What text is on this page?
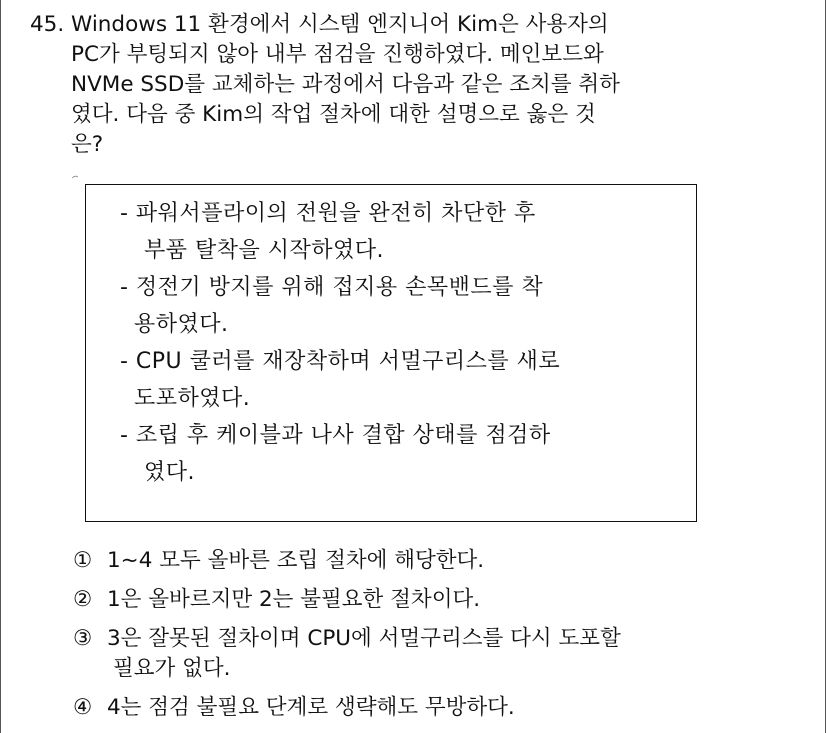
45. Windows 11 환경에서 시스템 엔지니어 Kim은 사용자의
PC가 부팅되지 않아 내부 점검을 진행하였다. 메인보드와
NVMe SSD를 교체하는 과정에서 다음과 같은 조치를 취하
였다. 다음 중 Kim의 작업 절차에 대한 설명으로 옳은 것
은?
- 파워서플라이의 전원을 완전히 차단한 후
부품 탈착을 시작하였다.
- 정전기 방지를 위해 접지용 손목밴드를 착
용하였다.
- CPU 쿨러를 재장착하며 서멀구리스를 새로
도포하였다.
- 조립 후 케이블과 나사 결합 상태를 점검하
였다.
① 1~4 모두 올바른 조립 절차에 해당한다.
② 1은 올바르지만 2는 불필요한 절차이다.
③ 3은 잘못된 절차이며 CPU에 서멀구리스를 다시 도포할
필요가 없다.
④ 4는 점검 불필요 단계로 생략해도 무방하다.
